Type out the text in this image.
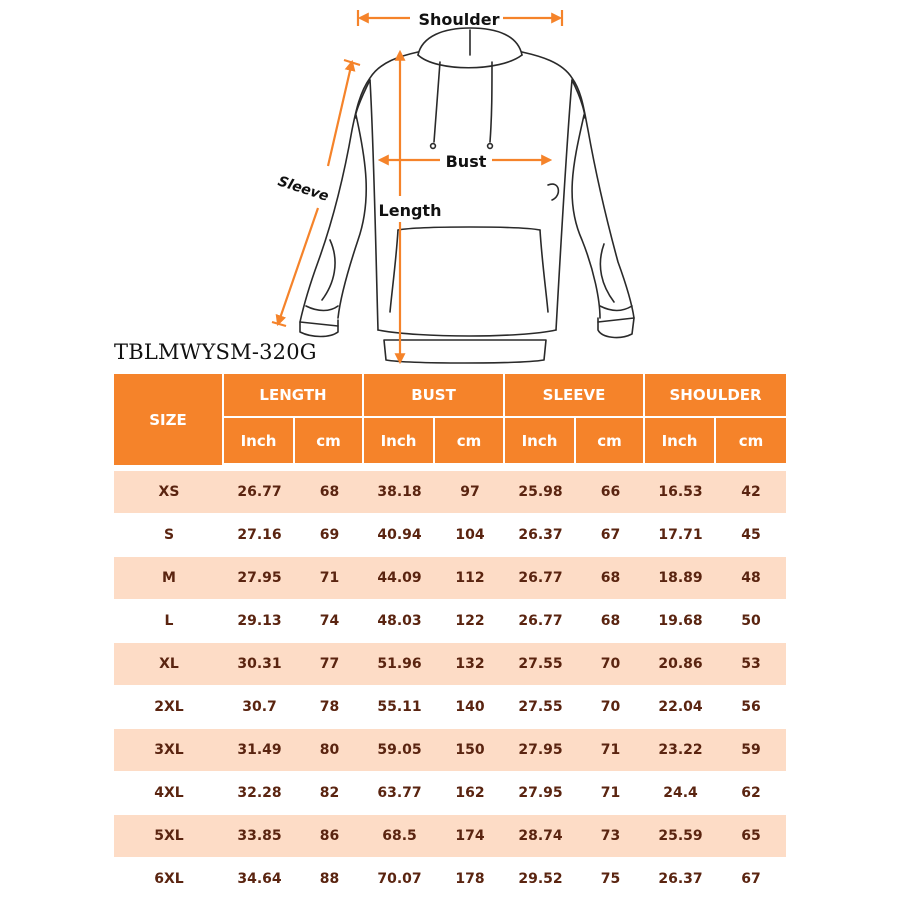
Shoulder
Bust
Length
Sleeve
TBLMWYSM-320G
SIZE	LENGTH		BUST		SLEEVE		SHOULDER	
	Inch	cm	Inch	cm	Inch	cm	Inch	cm
XS	26.77	68	38.18	97	25.98	66	16.53	42
S	27.16	69	40.94	104	26.37	67	17.71	45
M	27.95	71	44.09	112	26.77	68	18.89	48
L	29.13	74	48.03	122	26.77	68	19.68	50
XL	30.31	77	51.96	132	27.55	70	20.86	53
2XL	30.7	78	55.11	140	27.55	70	22.04	56
3XL	31.49	80	59.05	150	27.95	71	23.22	59
4XL	32.28	82	63.77	162	27.95	71	24.4	62
5XL	33.85	86	68.5	174	28.74	73	25.59	65
6XL	34.64	88	70.07	178	29.52	75	26.37	67
